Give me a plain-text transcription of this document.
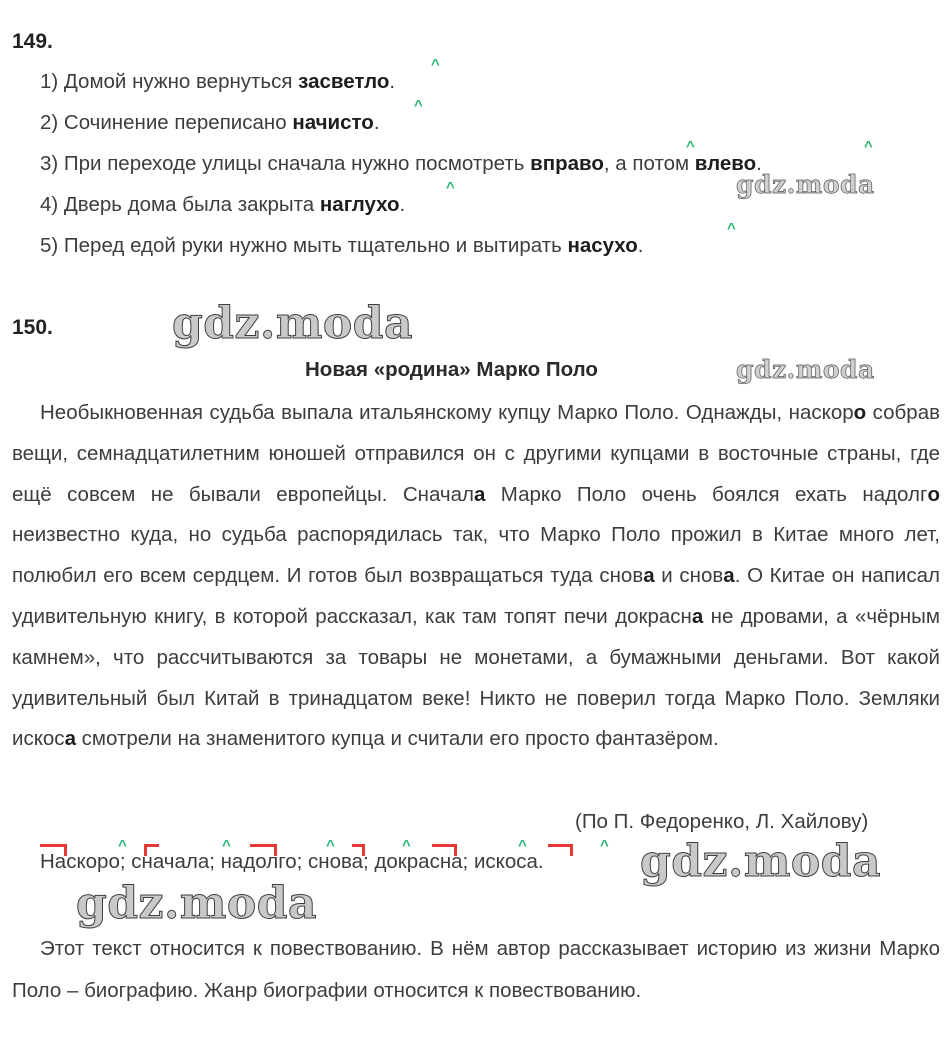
149.
1) Домой нужно вернуться засветло.
2) Сочинение переписано начисто.
3) При переходе улицы сначала нужно посмотреть вправо, а потом влево.
4) Дверь дома была закрыта наглухо.
5) Перед едой руки нужно мыть тщательно и вытирать насухо.
^
^
^	^
^
^
150.
Новая «родина» Марко Поло

Необыкновенная судьба выпала итальянскому купцу Марко Поло. Однажды, наскоро собрав вещи, семнадцатилетним юношей отправился он с другими купцами в восточные страны, где ещё совсем не бывали европейцы. Сначала Марко Поло очень боялся ехать надолго неизвестно куда, но судьба распорядилась так, что Марко Поло прожил в Китае много лет, полюбил его всем сердцем. И готов был возвращаться туда снова и снова. О Китае он написал удивительную книгу, в которой рассказал, как там топят печи докрасна не дровами, а «чёрным камнем», что рассчитываются за товары не монетами, а бумажными деньгами. Вот какой удивительный был Китай в тринадцатом веке! Никто не поверил тогда Марко Поло. Земляки искоса смотрели на знаменитого купца и считали его просто фантазёром.

(По П. Федоренко, Л. Хайлову)
Наскоро; сначала; надолго; снова; докрасна; искоса.
^	^	^	^	^	^

Этот текст относится к повествованию. В нём автор рассказывает историю из жизни Марко Поло – биографию. Жанр биографии относится к повествованию.

gdz.moda
gdz.moda
gdz.moda
gdz.moda
gdz.moda
